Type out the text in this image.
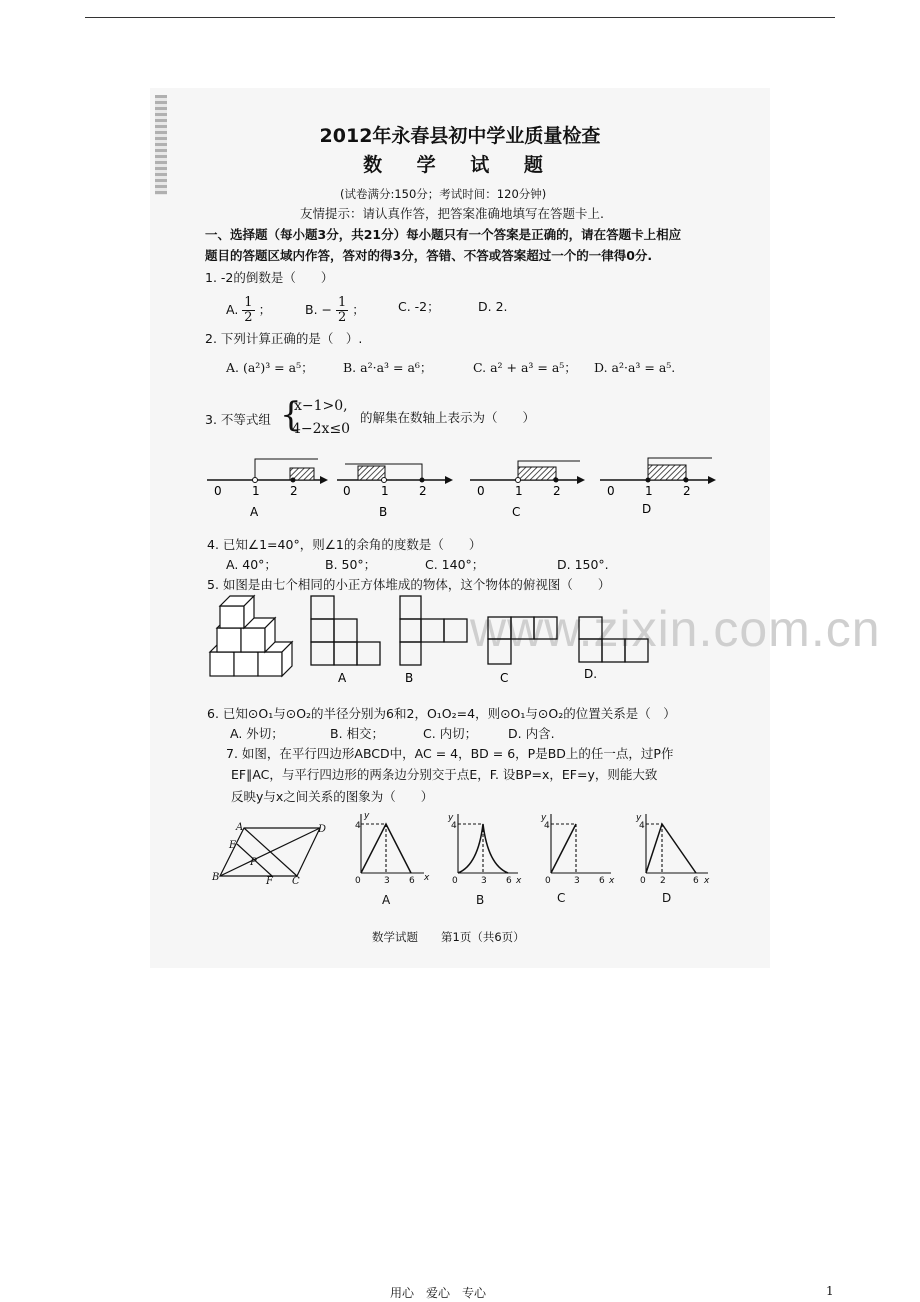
2012年永春县初中学业质量检查
数 学 试 题
(试卷满分:150分；考试时间：120分钟)
友情提示：请认真作答，把答案准确地填写在答题卡上.
一、选择题（每小题3分，共21分）每小题只有一个答案是正确的，请在答题卡上相应
题目的答题区域内作答，答对的得3分，答错、不答或答案超过一个的一律得0分.
1. -2的倒数是（　　）
A. $\frac{1}{2}$ ；	B. − $\frac{1}{2}$ ；	C. -2；	D. 2.
2. 下列计算正确的是（　）.
A. (a²)³ = a⁵； B. a²·a³ = a⁶；	C. a² + a³ = a⁵； D. a²·a³ = a⁵.
3. 不等式组 {
x−1>0,
4−2x≤0
的解集在数轴上表示为（　　）
0	1	2
A
0	1	2
B
0	1	2
C
0	1	2
D
4. 已知∠1=40°，则∠1的余角的度数是（　　）
A. 40°；	B. 50°；	C. 140°；	D. 150°.
5. 如图是由七个相同的小正方体堆成的物体，这个物体的俯视图（　　）
www.zixin.com.cn
A	B	C	D.
6. 已知⊙O₁与⊙O₂的半径分别为6和2，O₁O₂=4，则⊙O₁与⊙O₂的位置关系是（　）
A. 外切；	B. 相交；	C. 内切； D. 内含.
7. 如图，在平行四边形ABCD中，AC = 4，BD = 6，P是BD上的任一点，过P作
EF∥AC，与平行四边形的两条边分别交于点E，F. 设BP=x，EF=y，则能大致
反映y与x之间关系的图象为（　　）
A	D
E
P
B	F C
4
y
0	3 6 x
A
4
y
0	3 6 x
B
4
y
0	3 6 x
C
4
y
0 2	6 x
D
数学试题　　第1页（共6页）
用心　爱心　专心	1
